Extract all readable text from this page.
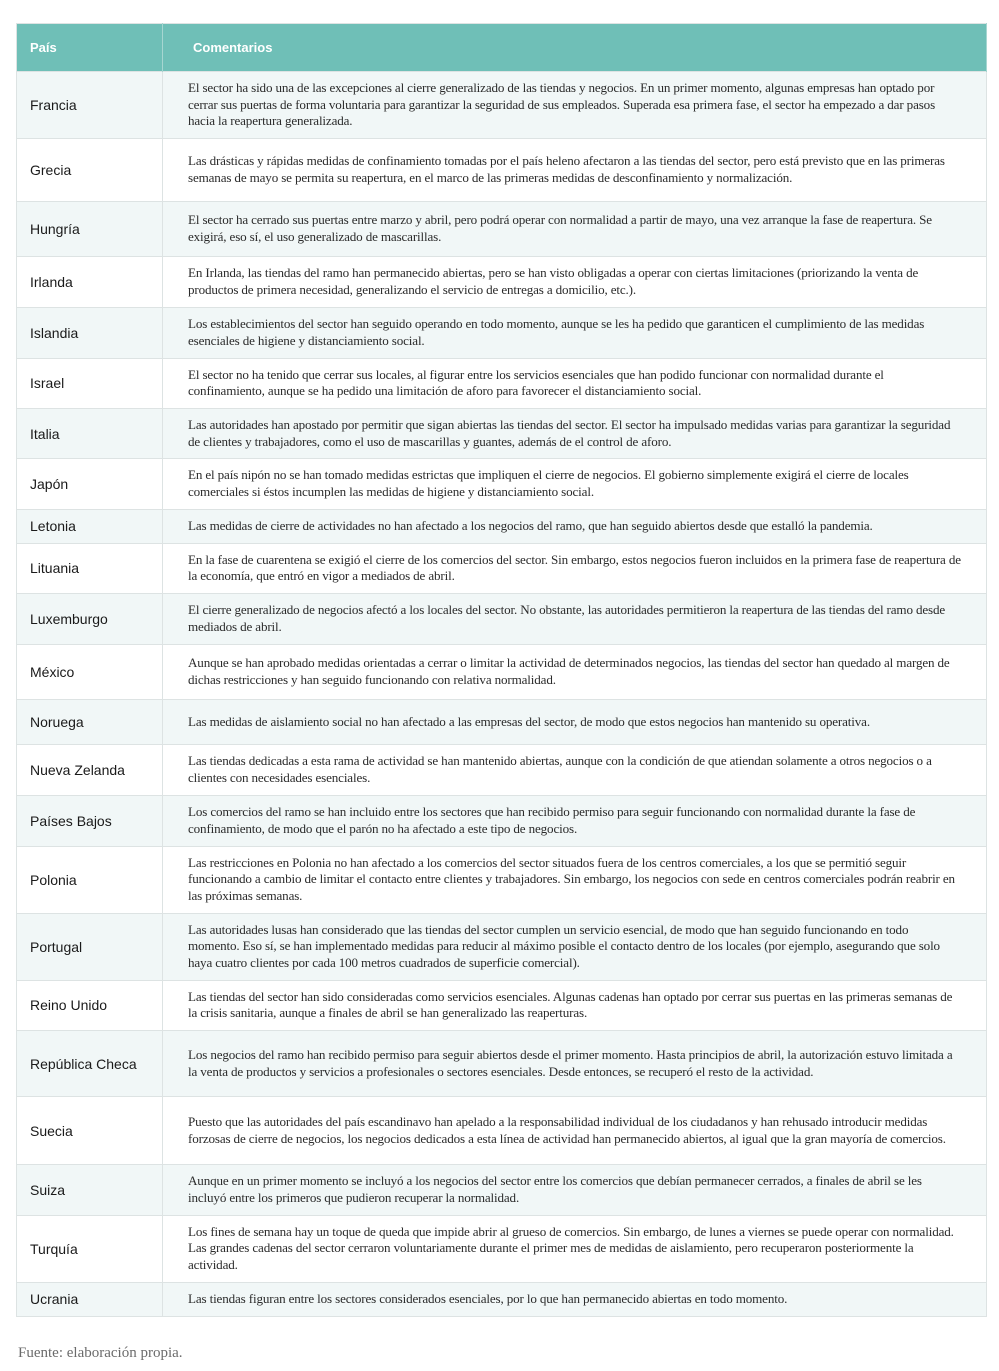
País	Comentarios
Francia	El sector ha sido una de las excepciones al cierre generalizado de las tiendas y negocios. En un primer momento, algunas empresas han optado por cerrar sus puertas de forma voluntaria para garantizar la seguridad de sus empleados. Superada esa primera fase, el sector ha empezado a dar pasos hacia la reapertura generalizada.
Grecia	Las drásticas y rápidas medidas de confinamiento tomadas por el país heleno afectaron a las tiendas del sector, pero está previsto que en las primeras semanas de mayo se permita su reapertura, en el marco de las primeras medidas de desconfinamiento y normalización.
Hungría	El sector ha cerrado sus puertas entre marzo y abril, pero podrá operar con normalidad a partir de mayo, una vez arranque la fase de reapertura. Se exigirá, eso sí, el uso generalizado de mascarillas.
Irlanda	En Irlanda, las tiendas del ramo han permanecido abiertas, pero se han visto obligadas a operar con ciertas limitaciones (priorizando la venta de productos de primera necesidad, generalizando el servicio de entregas a domicilio, etc.).
Islandia	Los establecimientos del sector han seguido operando en todo momento, aunque se les ha pedido que garanticen el cumplimiento de las medidas esenciales de higiene y distanciamiento social.
Israel	El sector no ha tenido que cerrar sus locales, al figurar entre los servicios esenciales que han podido funcionar con normalidad durante el confinamiento, aunque se ha pedido una limitación de aforo para favorecer el distanciamiento social.
Italia	Las autoridades han apostado por permitir que sigan abiertas las tiendas del sector. El sector ha impulsado medidas varias para garantizar la seguridad de clientes y trabajadores, como el uso de mascarillas y guantes, además de el control de aforo.
Japón	En el país nipón no se han tomado medidas estrictas que impliquen el cierre de negocios. El gobierno simplemente exigirá el cierre de locales comerciales si éstos incumplen las medidas de higiene y distanciamiento social.
Letonia	Las medidas de cierre de actividades no han afectado a los negocios del ramo, que han seguido abiertos desde que estalló la pandemia.
Lituania	En la fase de cuarentena se exigió el cierre de los comercios del sector. Sin embargo, estos negocios fueron incluidos en la primera fase de reapertura de la economía, que entró en vigor a mediados de abril.
Luxemburgo	El cierre generalizado de negocios afectó a los locales del sector. No obstante, las autoridades permitieron la reapertura de las tiendas del ramo desde mediados de abril.
México	Aunque se han aprobado medidas orientadas a cerrar o limitar la actividad de determinados negocios, las tiendas del sector han quedado al margen de dichas restricciones y han seguido funcionando con relativa normalidad.
Noruega	Las medidas de aislamiento social no han afectado a las empresas del sector, de modo que estos negocios han mantenido su operativa.
Nueva Zelanda	Las tiendas dedicadas a esta rama de actividad se han mantenido abiertas, aunque con la condición de que atiendan solamente a otros negocios o a clientes con necesidades esenciales.
Países Bajos	Los comercios del ramo se han incluido entre los sectores que han recibido permiso para seguir funcionando con normalidad durante la fase de confinamiento, de modo que el parón no ha afectado a este tipo de negocios.
Polonia	Las restricciones en Polonia no han afectado a los comercios del sector situados fuera de los centros comerciales, a los que se permitió seguir funcionando a cambio de limitar el contacto entre clientes y trabajadores. Sin embargo, los negocios con sede en centros comerciales podrán reabrir en las próximas semanas.
Portugal	Las autoridades lusas han considerado que las tiendas del sector cumplen un servicio esencial, de modo que han seguido funcionando en todo momento. Eso sí, se han implementado medidas para reducir al máximo posible el contacto dentro de los locales (por ejemplo, asegurando que solo haya cuatro clientes por cada 100 metros cuadrados de superficie comercial).
Reino Unido	Las tiendas del sector han sido consideradas como servicios esenciales. Algunas cadenas han optado por cerrar sus puertas en las primeras semanas de la crisis sanitaria, aunque a finales de abril se han generalizado las reaperturas.
República Checa	Los negocios del ramo han recibido permiso para seguir abiertos desde el primer momento. Hasta principios de abril, la autorización estuvo limitada a la venta de productos y servicios a profesionales o sectores esenciales. Desde entonces, se recuperó el resto de la actividad.
Suecia	Puesto que las autoridades del país escandinavo han apelado a la responsabilidad individual de los ciudadanos y han rehusado introducir medidas forzosas de cierre de negocios, los negocios dedicados a esta línea de actividad han permanecido abiertos, al igual que la gran mayoría de comercios.
Suiza	Aunque en un primer momento se incluyó a los negocios del sector entre los comercios que debían permanecer cerrados, a finales de abril se les incluyó entre los primeros que pudieron recuperar la normalidad.
Turquía	Los fines de semana hay un toque de queda que impide abrir al grueso de comercios. Sin embargo, de lunes a viernes se puede operar con normalidad. Las grandes cadenas del sector cerraron voluntariamente durante el primer mes de medidas de aislamiento, pero recuperaron posteriormente la actividad.
Ucrania	Las tiendas figuran entre los sectores considerados esenciales, por lo que han permanecido abiertas en todo momento.
Fuente: elaboración propia.
